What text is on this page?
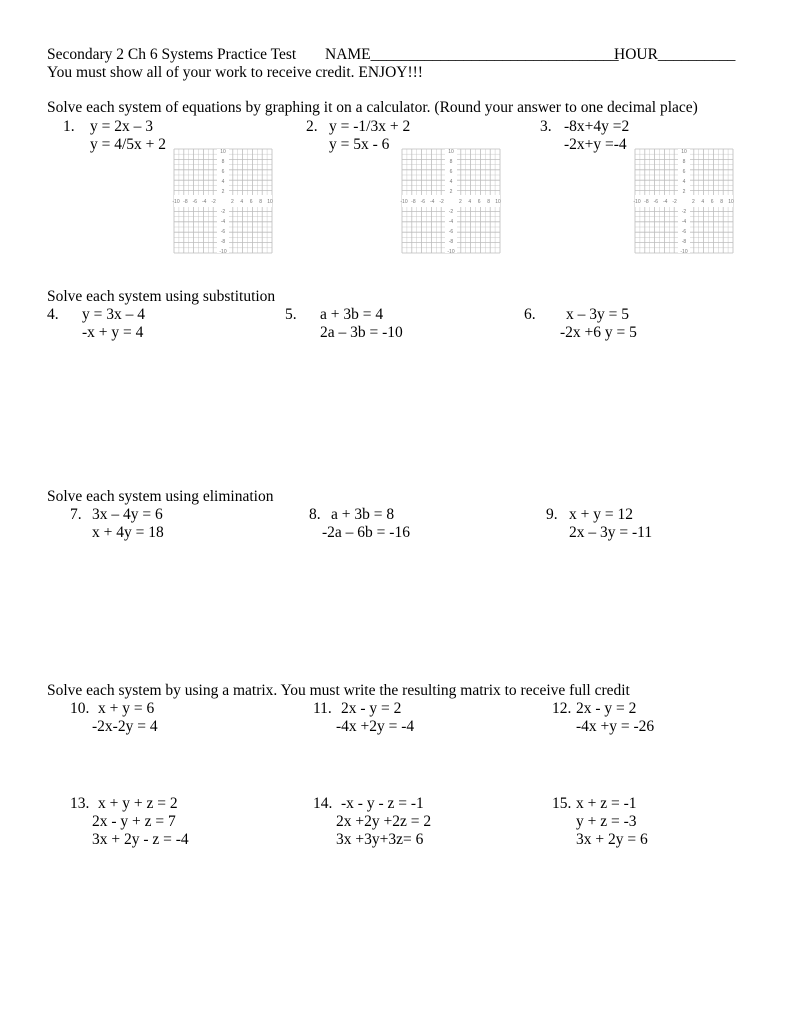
Secondary 2 Ch 6 Systems Practice Test NAME________________________________
HOUR__________
You must show all of your work to receive credit. ENJOY!!!
Solve each system of equations by graphing it on a calculator. (Round your answer to one decimal place)
1. y = 2x – 3
y = 4/5x + 2
2. y = -1/3x + 2
y = 5x - 6
3. -8x+4y =2
-2x+y =-4
-10
-10
-8
-8
-6
-6
-4
-4
-2
-2
2
2
4
4
6
6
8
8
10
10
-10
-10
-8
-8
-6
-6
-4
-4
-2
-2
2
2
4
4
6
6
8
8
10
10
-10
-10
-8
-8
-6
-6
-4
-4
-2
-2
2
2
4
4
6
6
8
8
10
10
Solve each system using substitution
4. y = 3x – 4
-x + y = 4
5. a + 3b = 4
2a – 3b = -10
6. x – 3y = 5
-2x +6 y = 5
Solve each system using elimination
7. 3x – 4y = 6
x + 4y = 18
8. a + 3b = 8
-2a – 6b = -16
9. x + y = 12
2x – 3y = -11
Solve each system by using a matrix. You must write the resulting matrix to receive full credit
10. x + y = 6
-2x-2y = 4
11. 2x - y = 2
-4x +2y = -4
12. 2x - y = 2
-4x +y = -26
13. x + y + z = 2
2x - y + z = 7
3x + 2y - z = -4
14. -x - y - z = -1
2x +2y +2z = 2
3x +3y+3z= 6
15. x + z = -1
y + z = -3
3x + 2y = 6
